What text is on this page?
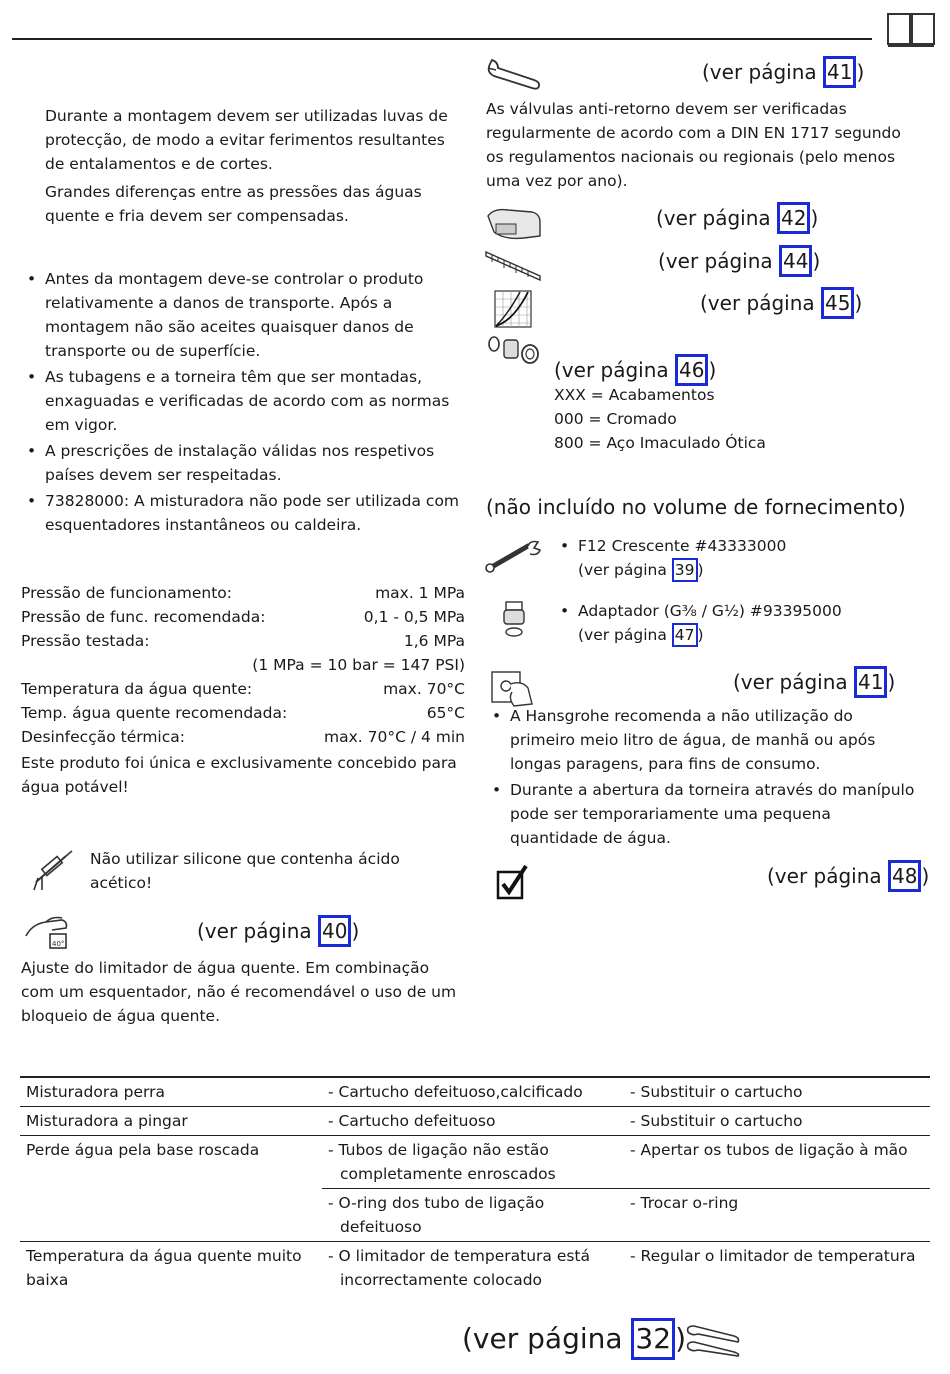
Durante a montagem devem ser utilizadas luvas de protecção, de modo a evitar ferimentos resultantes de entalamentos e de cortes.
Grandes diferenças entre as pressões das águas quente e fria devem ser compensadas.
• Antes da montagem deve-se controlar o produto relativamente a danos de transporte. Após a montagem não são aceites quaisquer danos de transporte ou de superfície.
• As tubagens e a torneira têm que ser montadas, enxaguadas e verificadas de acordo com as normas em vigor.
• A prescrições de instalação válidas nos respetivos países devem ser respeitadas.
• 73828000: A misturadora não pode ser utilizada com esquentadores instantâneos ou caldeira.
Pressão de funcionamento:	max. 1 MPa
Pressão de func. recomendada:	0,1 - 0,5 MPa
Pressão testada:	1,6 MPa
(1 MPa = 10 bar = 147 PSI)
Temperatura da água quente:	max. 70°C
Temp. água quente recomendada:	65°C
Desinfecção térmica:	max. 70°C / 4 min
Este produto foi única e exclusivamente concebido para água potável!
Não utilizar silicone que contenha ácido acético!
40°
(ver página 40 )
Ajuste do limitador de água quente. Em combinação com um esquentador, não é recomendável o uso de um bloqueio de água quente.
(ver página 41 )
As válvulas anti-retorno devem ser verificadas regularmente de acordo com a DIN EN 1717 segundo os regulamentos nacionais ou regionais (pelo menos uma vez por ano).
(ver página 42 )
(ver página 44 )
(ver página 45 )
(ver página 46 )
XXX = Acabamentos
000 = Cromado
800 = Aço Imaculado Ótica
(não incluído no volume de fornecimento)
• F12 Crescente #43333000
(ver página 39 )
• Adaptador (G⅜ / G½) #93395000
(ver página 47 )
(ver página 41 )
• A Hansgrohe recomenda a não utilização do primeiro meio litro de água, de manhã ou após longas paragens, para fins de consumo.
• Durante a abertura da torneira através do manípulo pode ser temporariamente uma pequena quantidade de água.
(ver página 48 )
Misturadora perra	- Cartucho defeituoso,calcificado	- Substituir o cartucho
Misturadora a pingar	- Cartucho defeituoso	- Substituir o cartucho
Perde água pela base roscada	- Tubos de ligação não estão completamente enroscados	- Apertar os tubos de ligação à mão
	- O-ring dos tubo de ligação defeituoso	- Trocar o-ring
Temperatura da água quente muito baixa	- O limitador de temperatura está incorrectamente colocado	- Regular o limitador de temperatura
(ver página 32 )
